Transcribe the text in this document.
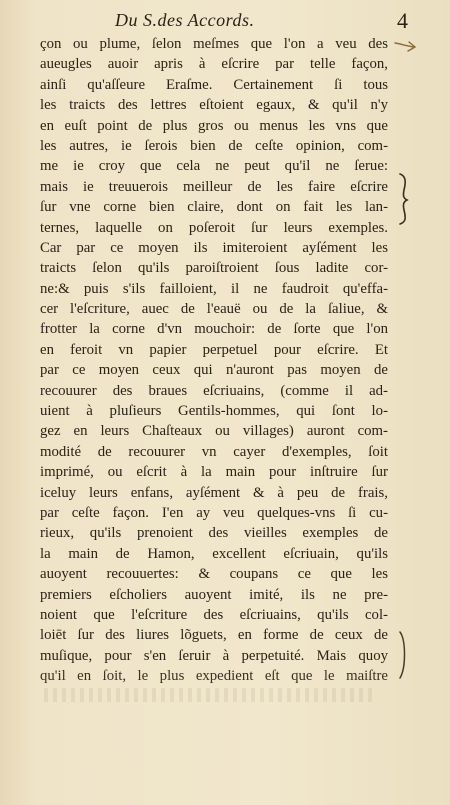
Du S.des Accords.	4
çon ou plume, ſelon meſmes que l'on a veu des
aueugles auoir apris à eſcrire par telle façon,
ainſi qu'aſſeure Eraſme. Certainement ſi tous
les traicts des lettres eſtoient egaux, & qu'il n'y
en euſt point de plus gros ou menus les vns que
les autres, ie ſerois bien de ceſte opinion, com-
me ie croy que cela ne peut qu'il ne ſerue:
mais ie treuuerois meilleur de les faire eſcrire
ſur vne corne bien claire, dont on fait les lan-
ternes, laquelle on poſeroit ſur leurs exemples.
Car par ce moyen ils imiteroient ayſément les
traicts ſelon qu'ils paroiſtroient ſous ladite cor-
ne:& puis s'ils failloient, il ne faudroit qu'effa-
cer l'eſcriture, auec de l'eauë ou de la ſaliue, &
frotter la corne d'vn mouchoir: de ſorte que l'on
en feroit vn papier perpetuel pour eſcrire. Et
par ce moyen ceux qui n'auront pas moyen de
recouurer des braues eſcriuains, (comme il ad-
uient à pluſieurs Gentils-hommes, qui ſont lo-
gez en leurs Chaſteaux ou villages) auront com-
modité de recouurer vn cayer d'exemples, ſoit
imprimé, ou eſcrit à la main pour inſtruire ſur
iceluy leurs enfans, ayſément & à peu de frais,
par ceſte façon. I'en ay veu quelques-vns ſi cu-
rieux, qu'ils prenoient des vieilles exemples de
la main de Hamon, excellent eſcriuain, qu'ils
auoyent recouuertes: & coupans ce que les
premiers eſcholiers auoyent imité, ils ne pre-
noient que l'eſcriture des eſcriuains, qu'ils col-
loiēt ſur des liures lõguets, en forme de ceux de
muſique, pour s'en ſeruir à perpetuité. Mais quoy
qu'il en ſoit, le plus expedient eſt que le maiſtre
